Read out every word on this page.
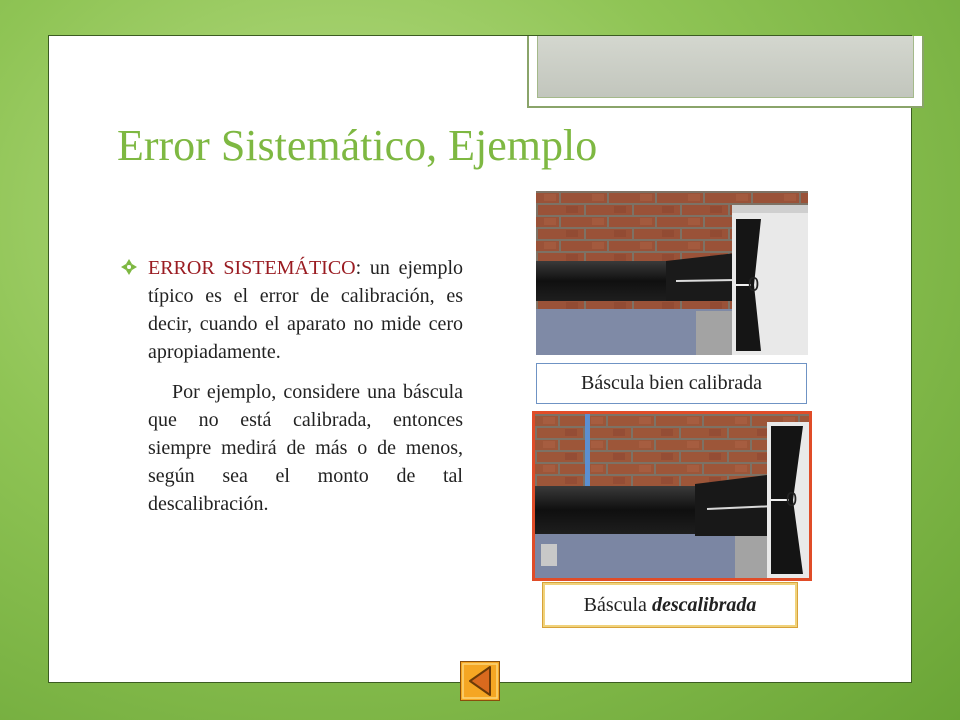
Error Sistemático, Ejemplo

ERROR SISTEMÁTICO: un ejemplo típico es el error de calibración, es decir, cuando el aparato no mide cero apropiadamente.

Por ejemplo, considere una báscula que no está calibrada, entonces siempre medirá de más o de menos, según sea el monto de tal descalibración.

0
Báscula bien calibrada
0
Báscula descalibrada
